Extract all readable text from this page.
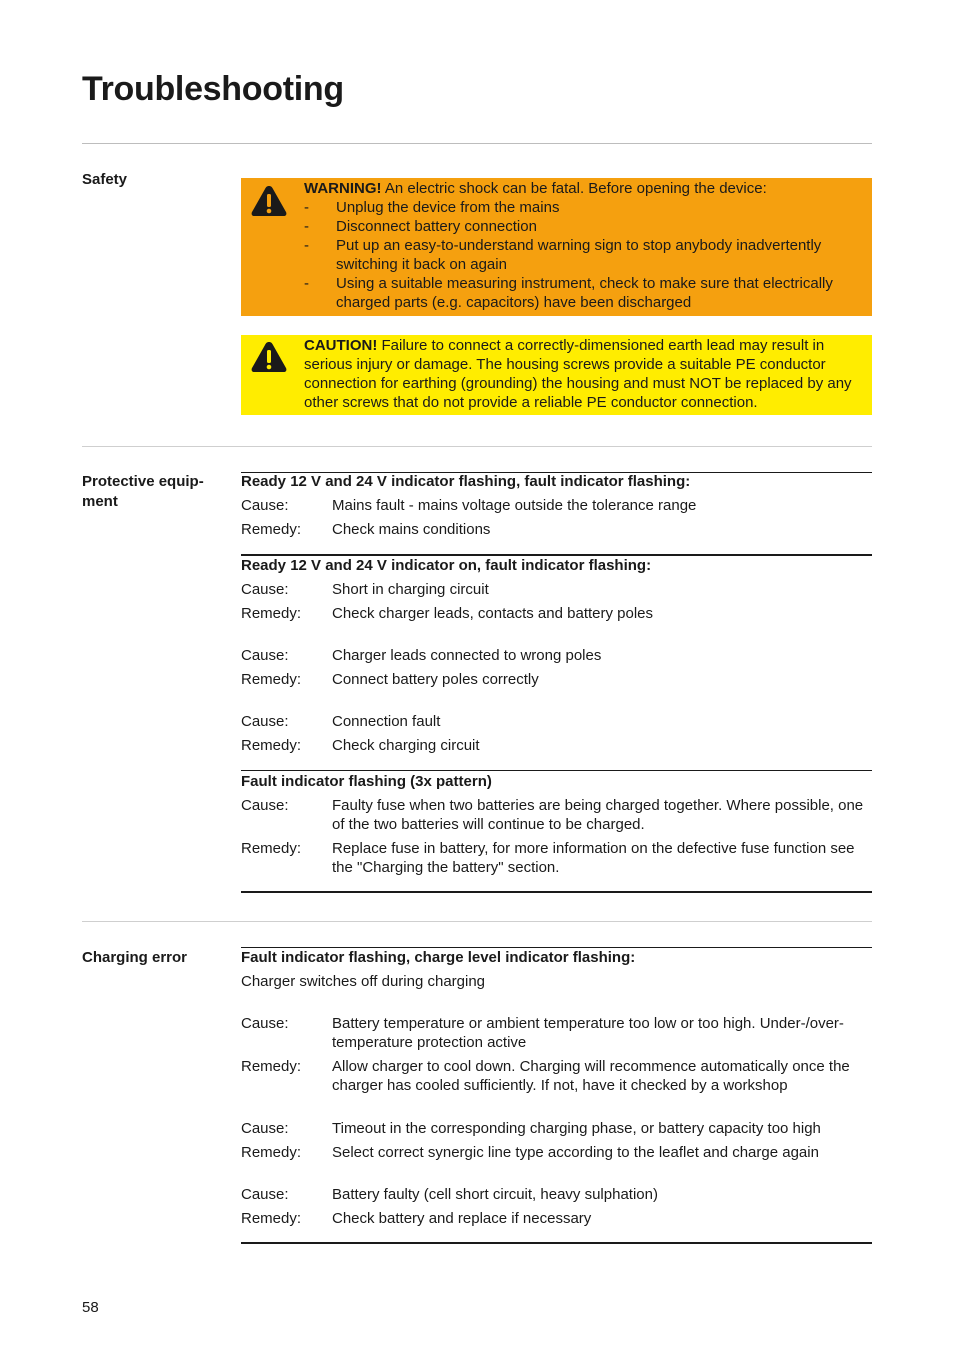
Troubleshooting
Safety
WARNING! An electric shock can be fatal. Before opening the device:
- Unplug the device from the mains
- Disconnect battery connection
- Put up an easy-to-understand warning sign to stop anybody inadvertently switching it back on again
- Using a suitable measuring instrument, check to make sure that electrically charged parts (e.g. capacitors) have been discharged
CAUTION! Failure to connect a correctly-dimensioned earth lead may result in serious injury or damage. The housing screws provide a suitable PE conductor connection for earthing (grounding) the housing and must NOT be replaced by any other screws that do not provide a reliable PE conductor connection.
Protective equip-
ment
Ready 12 V and 24 V indicator flashing, fault indicator flashing:
Cause:	Mains fault - mains voltage outside the tolerance range
Remedy: Check mains conditions
Ready 12 V and 24 V indicator on, fault indicator flashing:
Cause:	Short in charging circuit
Remedy: Check charger leads, contacts and battery poles
Cause:	Charger leads connected to wrong poles
Remedy: Connect battery poles correctly
Cause:	Connection fault
Remedy: Check charging circuit
Fault indicator flashing (3x pattern)
Cause:	Faulty fuse when two batteries are being charged together. Where possible, one of the two batteries will continue to be charged.
Remedy: Replace fuse in battery, for more information on the defective fuse function see the "Charging the battery" section.
Charging error	Fault indicator flashing, charge level indicator flashing:
Charger switches off during charging
Cause:	Battery temperature or ambient temperature too low or too high. Under-/over-temperature protection active
Remedy: Allow charger to cool down. Charging will recommence automatically once the charger has cooled sufficiently. If not, have it checked by a workshop
Cause:	Timeout in the corresponding charging phase, or battery capacity too high
Remedy: Select correct synergic line type according to the leaflet and charge again
Cause:	Battery faulty (cell short circuit, heavy sulphation)
Remedy: Check battery and replace if necessary
58
